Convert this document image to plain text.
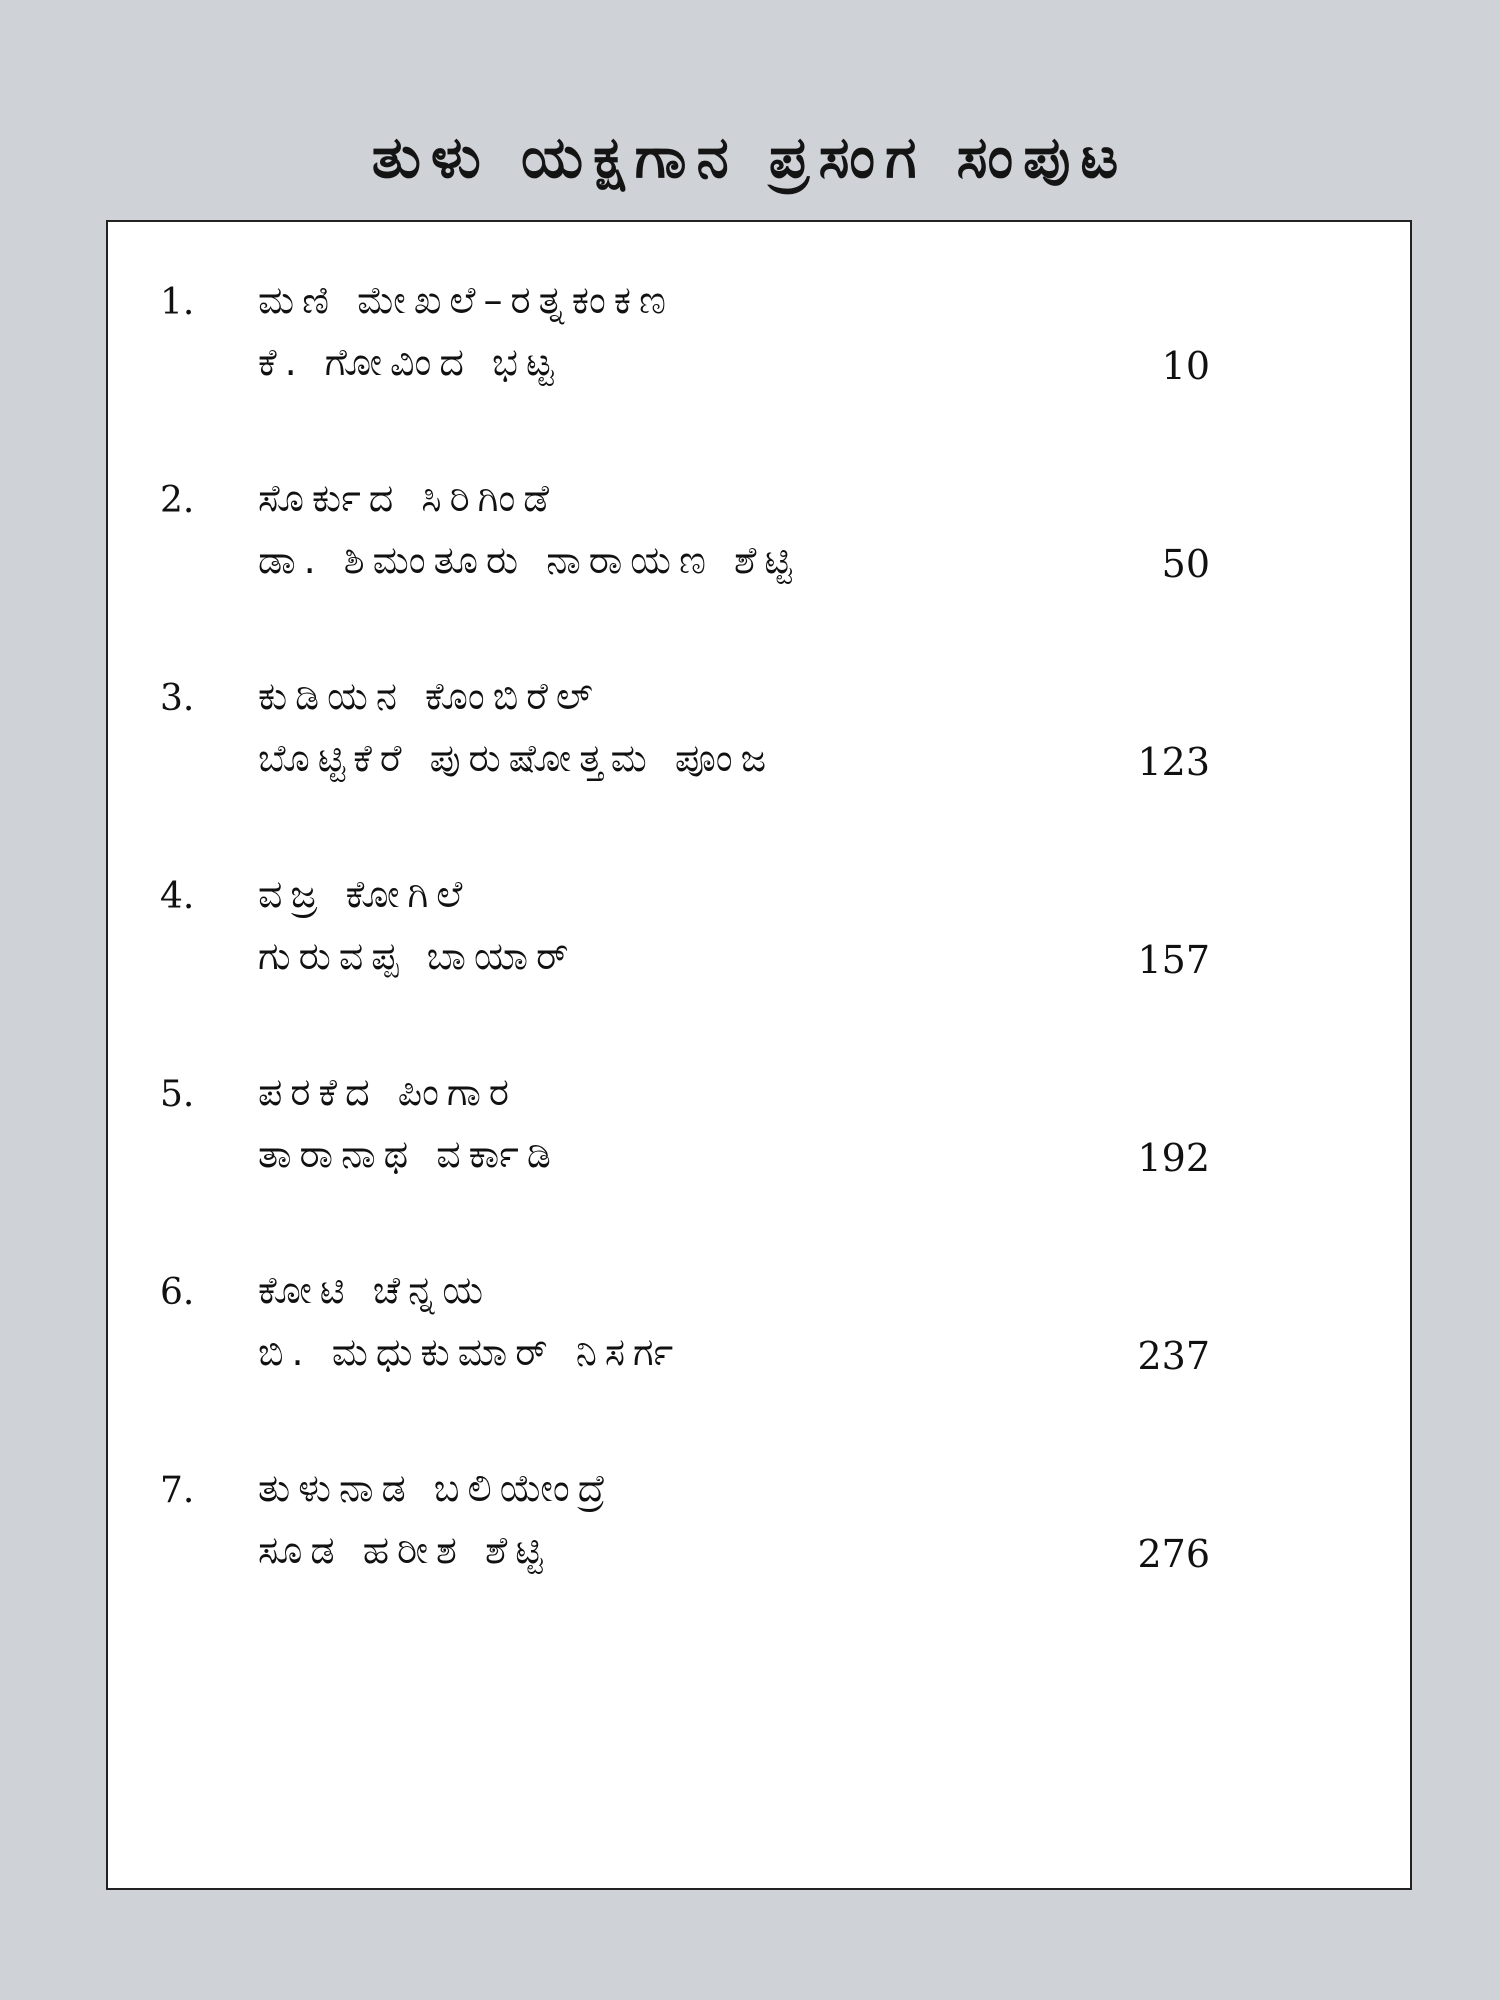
ತುಳು ಯಕ್ಷಗಾನ ಪ್ರಸಂಗ ಸಂಪುಟ
1. ಮಣಿ ಮೇಖಲೆ–ರತ್ನಕಂಕಣ
ಕೆ. ಗೋವಿಂದ ಭಟ್ಟ	10
2. ಸೊರ್ಕುದ ಸಿರಿಗಿಂಡೆ
ಡಾ. ಶಿಮಂತೂರು ನಾರಾಯಣ ಶೆಟ್ಟಿ	50
3. ಕುಡಿಯನ ಕೊಂಬಿರೆಲ್
ಬೊಟ್ಟಿಕೆರೆ ಪುರುಷೋತ್ತಮ ಪೂಂಜ	123
4. ವಜ್ರ ಕೋಗಿಲೆ
ಗುರುವಪ್ಪ ಬಾಯಾರ್	157
5. ಪರಕೆದ ಪಿಂಗಾರ
ತಾರಾನಾಥ ವರ್ಕಾಡಿ	192
6. ಕೋಟಿ ಚೆನ್ನಯ
ಬಿ. ಮಧುಕುಮಾರ್ ನಿಸರ್ಗ	237
7. ತುಳುನಾಡ ಬಲಿಯೇಂದ್ರೆ
ಸೂಡ ಹರೀಶ ಶೆಟ್ಟಿ	276
